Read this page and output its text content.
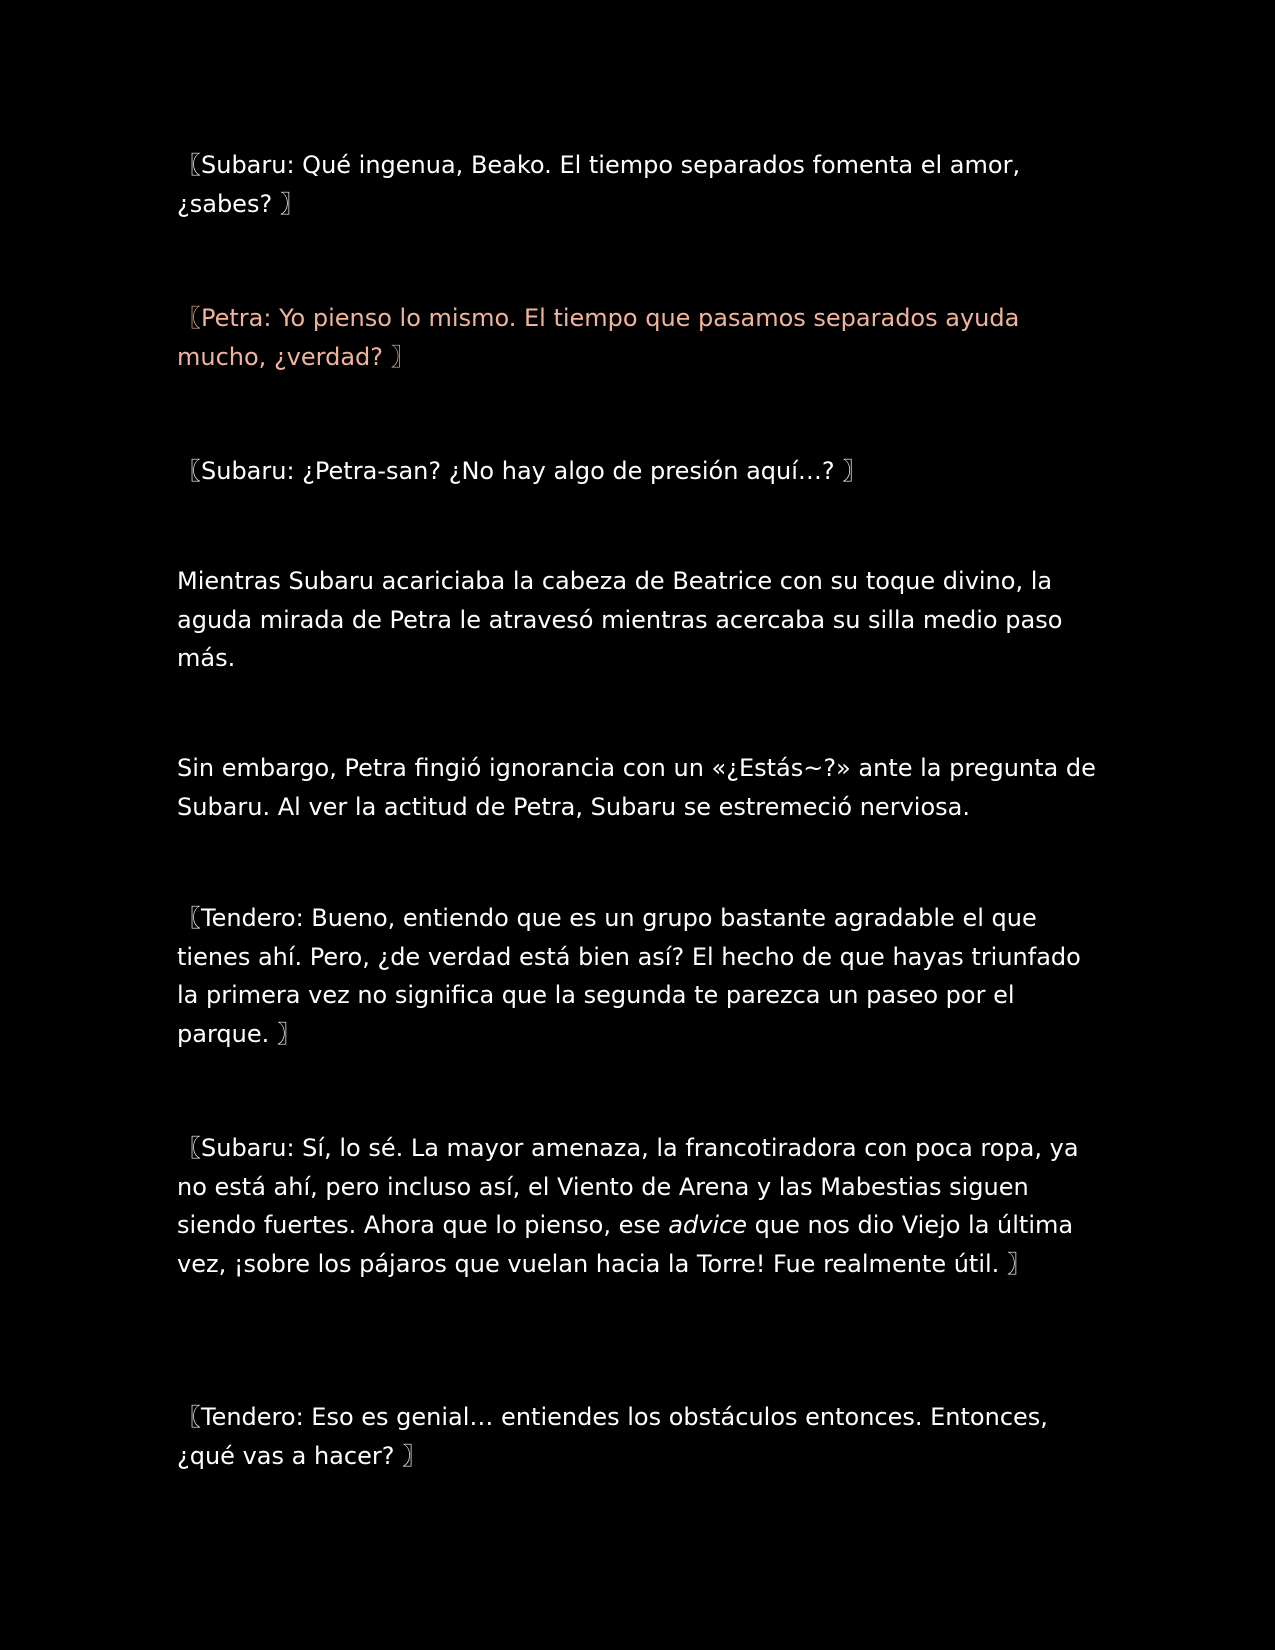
〖Subaru: Qué ingenua, Beako. El tiempo separados fomenta el amor, ¿sabes? 〗

〖Petra: Yo pienso lo mismo. El tiempo que pasamos separados ayuda mucho, ¿verdad? 〗

〖Subaru: ¿Petra-san? ¿No hay algo de presión aquí…? 〗

Mientras Subaru acariciaba la cabeza de Beatrice con su toque divino, la aguda mirada de Petra le atravesó mientras acercaba su silla medio paso más.

Sin embargo, Petra fingió ignorancia con un «¿Estás~?» ante la pregunta de Subaru. Al ver la actitud de Petra, Subaru se estremeció nerviosa.

〖Tendero: Bueno, entiendo que es un grupo bastante agradable el que tienes ahí. Pero, ¿de verdad está bien así? El hecho de que hayas triunfado la primera vez no significa que la segunda te parezca un paseo por el parque. 〗

〖Subaru: Sí, lo sé. La mayor amenaza, la francotiradora con poca ropa, ya no está ahí, pero incluso así, el Viento de Arena y las Mabestias siguen siendo fuertes. Ahora que lo pienso, ese advice que nos dio Viejo la última vez, ¡sobre los pájaros que vuelan hacia la Torre! Fue realmente útil. 〗

〖Tendero: Eso es genial… entiendes los obstáculos entonces. Entonces, ¿qué vas a hacer? 〗
